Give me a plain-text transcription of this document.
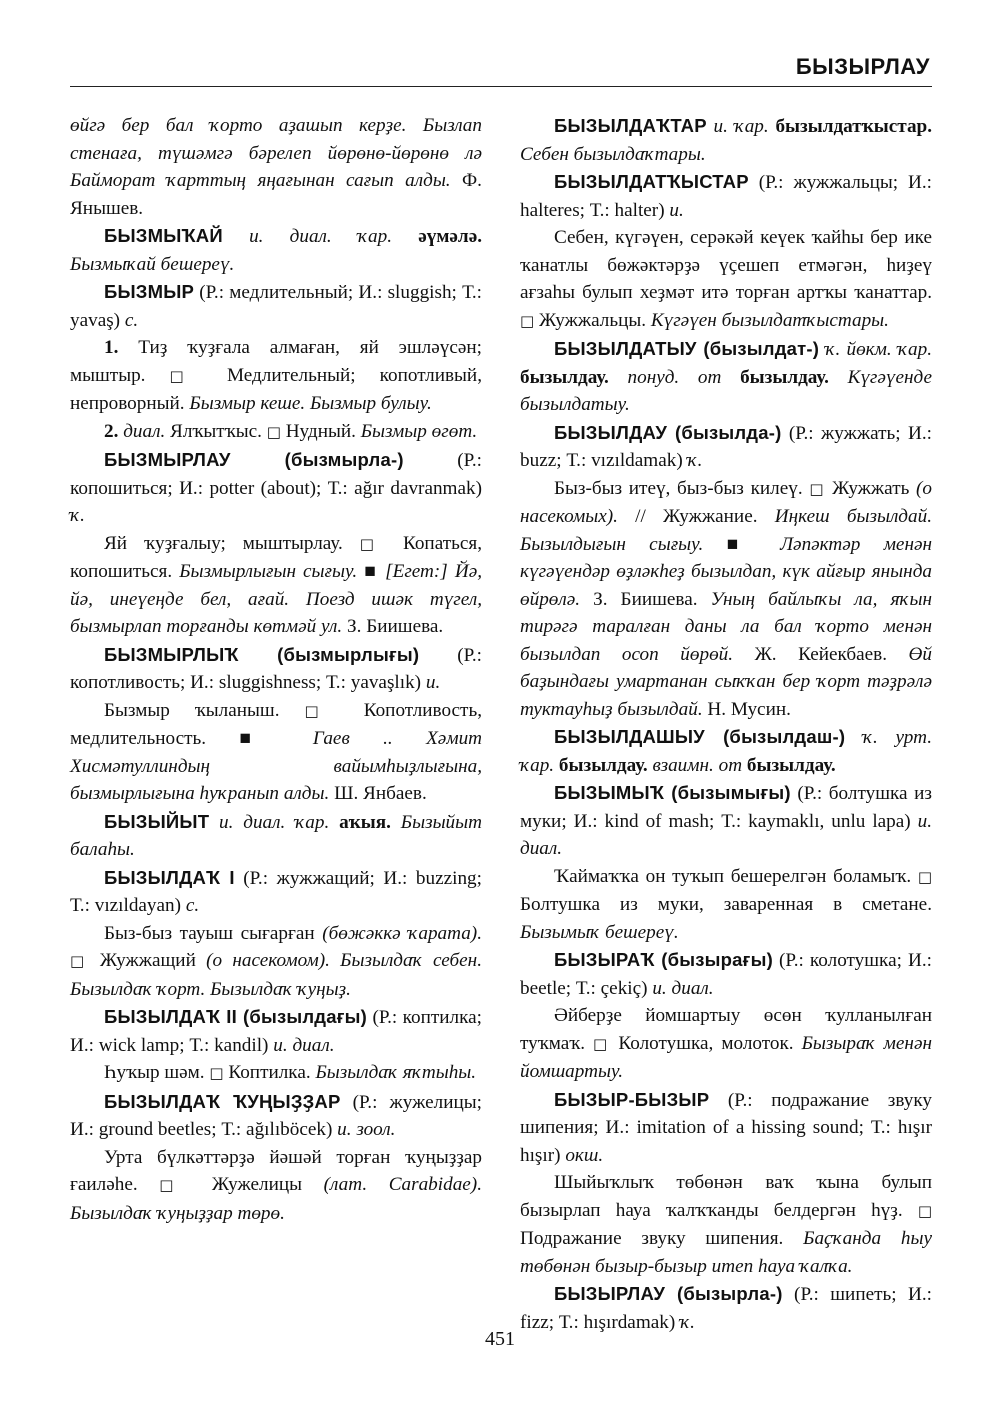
БЫЗЫРЛАУ

өйгә бер бал ҡорто аҙашып керҙе. Бызлап стенаға, түшәмгә бәрелеп йөрөнө-йөрөнө лә Байморат ҡарттың яңағынан сағып алды. Ф. Янышев.

БЫЗМЫҠАЙ и. диал. ҡар. әүмәлә. Бызмыҡай бешереү.

БЫЗМЫР (Р.: медлительный; И.: sluggish; Т.: yavaş) с.

1. Тиҙ ҡуҙғала алмаған, яй эшләүсән; мыштыр. □ Медлительный; копотливый, непроворный. Бызмыр кеше. Бызмыр булыу.

2. диал. Ялҡытҡыс. □ Нудный. Бызмыр өгөт.

БЫЗМЫРЛАУ (бызмырла-) (Р.: копошиться; И.: potter (about); Т.: ağır davranmak) ҡ.

Яй ҡуҙғалыу; мыштырлау. □ Копаться, копошиться. Бызмырлығын сығыу. ■ [Егет:] Йә, йә, инеүеңде бел, ағай. Поезд ишәк түгел, бызмырлап торғанды көтмәй ул. З. Биишева.

БЫЗМЫРЛЫҠ (бызмырлығы) (Р.: копотливость; И.: sluggishness; Т.: yavaşlık) и.

Бызмыр ҡыланыш. □ Копотливость, медлительность. ■ Гаев .. Хәмит Хисмәтуллиндың вайымһыҙлығына, бызмырлығына һуҡранып алды. Ш. Янбаев.

БЫЗЫЙЫТ и. диал. ҡар. аҡыя. Бызыйыт балаһы.

БЫЗЫЛДАҠ I (Р.: жужжащий; И.: buzzing; Т.: vızıldayan) с.

Быз-быз тауыш сығарған (бөжәккә ҡарата). □ Жужжащий (о насекомом). Бызылдаҡ себен. Бызылдаҡ ҡорт. Бызылдаҡ ҡуңыҙ.

БЫЗЫЛДАҠ II (бызылдағы) (Р.: коптилка; И.: wick lamp; Т.: kandil) и. диал.

Һуҡыр шәм. □ Коптилка. Бызылдаҡ яҡтыһы.

БЫЗЫЛДАҠ ҠУҢЫҘҘАР (Р.: жужелицы; И.: ground beetles; Т.: ağılıböcek) и. зоол.

Урта бүлкәттәрҙә йәшәй торған ҡуңыҙҙар ғаиләһе. □ Жужелицы (лат. Carabidae). Бызылдаҡ ҡуңыҙҙар төрө.

БЫЗЫЛДАҠТАР и. ҡар. бызылдатҡыстар. Себен бызылдаҡтары.

БЫЗЫЛДАТҠЫСТАР (Р.: жужжальцы; И.: halteres; Т.: halter) и.

Себен, күгәүен, серәкәй кеүек ҡайһы бер ике ҡанатлы бөжәктәрҙә үҫешеп етмәгән, һиҙеү ағзаһы булып хеҙмәт итә торған артҡы ҡанаттар. □ Жужжальцы. Күгәүен бызылдатҡыстары.

БЫЗЫЛДАТЫУ (бызылдат-) ҡ. йөкм. ҡар. бызылдау. понуд. от бызылдау. Күгәүенде бызылдатыу.

БЫЗЫЛДАУ (бызылда-) (Р.: жужжать; И.: buzz; Т.: vızıldamak) ҡ.

Быз-быз итеү, быз-быз килеү. □ Жужжать (о насекомых). // Жужжание. Иңкеш бызылдай. Бызылдығын сығыу. ■ Ләпәктәр менән күгәүендәр өҙләкһеҙ бызылдап, күк айғыр янында өйрөлә. З. Биишева. Уның байлыҡы ла, яҡын тирәгә таралған даны ла бал ҡорто менән бызылдап осоп йөрөй. Ж. Кейекбаев. Өй баҙындағы умартанан сыҡҡан бер ҡорт тәҙрәлә туктауһыҙ бызылдай. Н. Мусин.

БЫЗЫЛДАШЫУ (бызылдаш-) ҡ. урт. ҡар. бызылдау. взаимн. от бызылдау.

БЫЗЫМЫҠ (бызымығы) (Р.: болтушка из муки; И.: kind of mash; Т.: kaymaklı, unlu lapa) и. диал.

Ҡаймаҡҡа он туҡып бешерелгән боламыҡ. □ Болтушка из муки, заваренная в сметане. Бызымыҡ бешереү.

БЫЗЫРАҠ (бызырағы) (Р.: колотушка; И.: beetle; Т.: çekiç) и. диал.

Әйберҙе йомшартыу өсөн ҡулланылған туҡмаҡ. □ Колотушка, молоток. Бызыраҡ менән йомшартыу.

БЫЗЫР-БЫЗЫР (Р.: подражание звуку шипения; И.: imitation of a hissing sound; Т.: hışır hışır) окш.

Шыйыҡлыҡ төбөнән ваҡ ҡына булып бызырлап һауа ҡалҡҡанды белдергән һүҙ. □ Подражание звуку шипения. Баҫҡанда һыу төбөнән бызыр-бызыр итеп һауа ҡалҡа.

БЫЗЫРЛАУ (бызырла-) (Р.: шипеть; И.: fizz; Т.: hışırdamak) ҡ.

451
